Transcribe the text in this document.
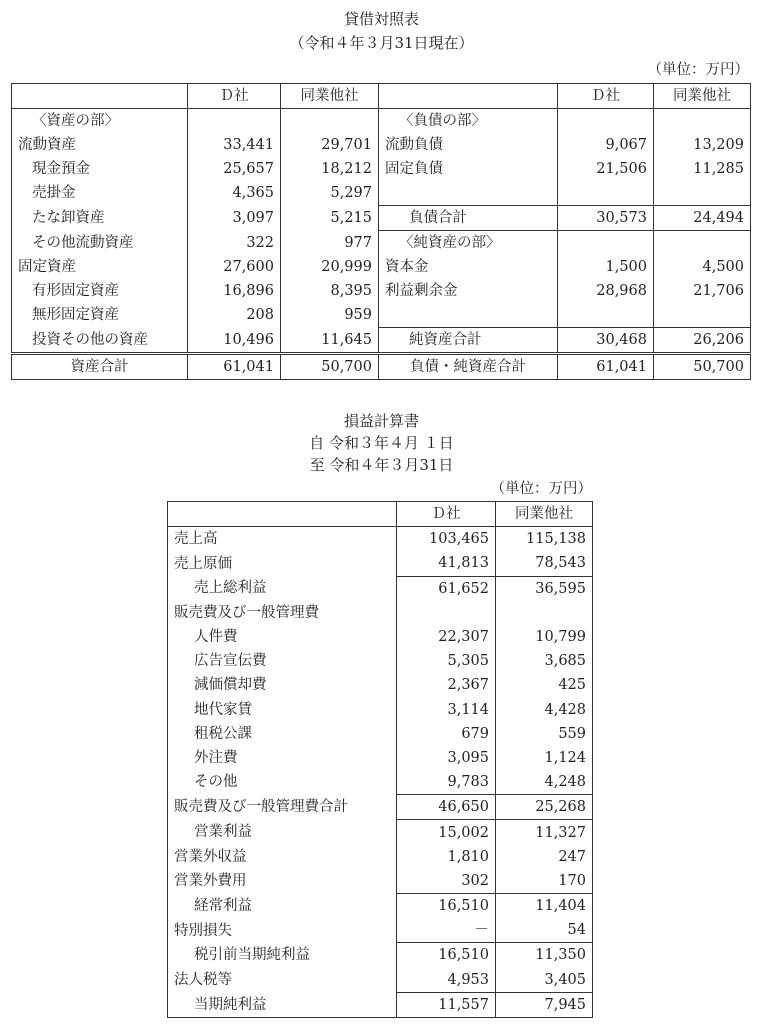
貸借対照表
（令和４年３月31日現在）
（単位：万円）
	Ｄ社	同業他社		Ｄ社	同業他社
〈資産の部〉			〈負債の部〉		
流動資産	33,441	29,701	流動負債	9,067	13,209
現金預金	25,657	18,212	固定負債	21,506	11,285
売掛金	4,365	5,297			
たな卸資産	3,097	5,215	負債合計	30,573	24,494
その他流動資産	322	977	〈純資産の部〉		
固定資産	27,600	20,999	資本金	1,500	4,500
有形固定資産	16,896	8,395	利益剰余金	28,968	21,706
無形固定資産	208	959			
投資その他の資産	10,496	11,645	純資産合計	30,468	26,206
資産合計	61,041	50,700	負債・純資産合計	61,041	50,700
損益計算書
自 令和３年４月 １日
至 令和４年３月31日
（単位：万円）
	Ｄ社	同業他社
売上高	103,465	115,138
売上原価	41,813	78,543
売上総利益	61,652	36,595
販売費及び一般管理費		
人件費	22,307	10,799
広告宣伝費	5,305	3,685
減価償却費	2,367	425
地代家賃	3,114	4,428
租税公課	679	559
外注費	3,095	1,124
その他	9,783	4,248
販売費及び一般管理費合計	46,650	25,268
営業利益	15,002	11,327
営業外収益	1,810	247
営業外費用	302	170
経常利益	16,510	11,404
特別損失	－	54
税引前当期純利益	16,510	11,350
法人税等	4,953	3,405
当期純利益	11,557	7,945
